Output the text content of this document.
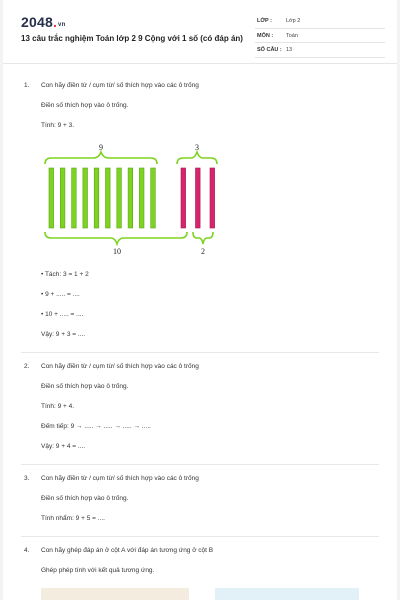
2048.vn
13 câu trắc nghiệm Toán lớp 2 9 Cộng với 1 số (có đáp án)
LỚP :	Lớp 2
MÔN : Toán
SỐ CÂU : 13
1. Con hãy điền từ / cụm từ/ số thích hợp vào các ô trống
Điền số thích hợp vào ô trống.
Tính: 9 + 3.
9	3
10	2
• Tách: 3 = 1 + 2
• 9 + ..... = ....
• 10 + ..... = ....
Vậy: 9 + 3 = ....
2. Con hãy điền từ / cụm từ/ số thích hợp vào các ô trống
Điền số thích hợp vào ô trống.
Tính: 9 + 4.
Đếm tiếp: 9 → ..... → ..... → ..... → .....
Vậy: 9 + 4 = ....
3. Con hãy điền từ / cụm từ/ số thích hợp vào các ô trống
Điền số thích hợp vào ô trống.
Tính nhẩm: 9 + 5 = ....
4. Con hãy ghép đáp án ở cột A với đáp án tương ứng ở cột B
Ghép phép tính với kết quả tương ứng.
